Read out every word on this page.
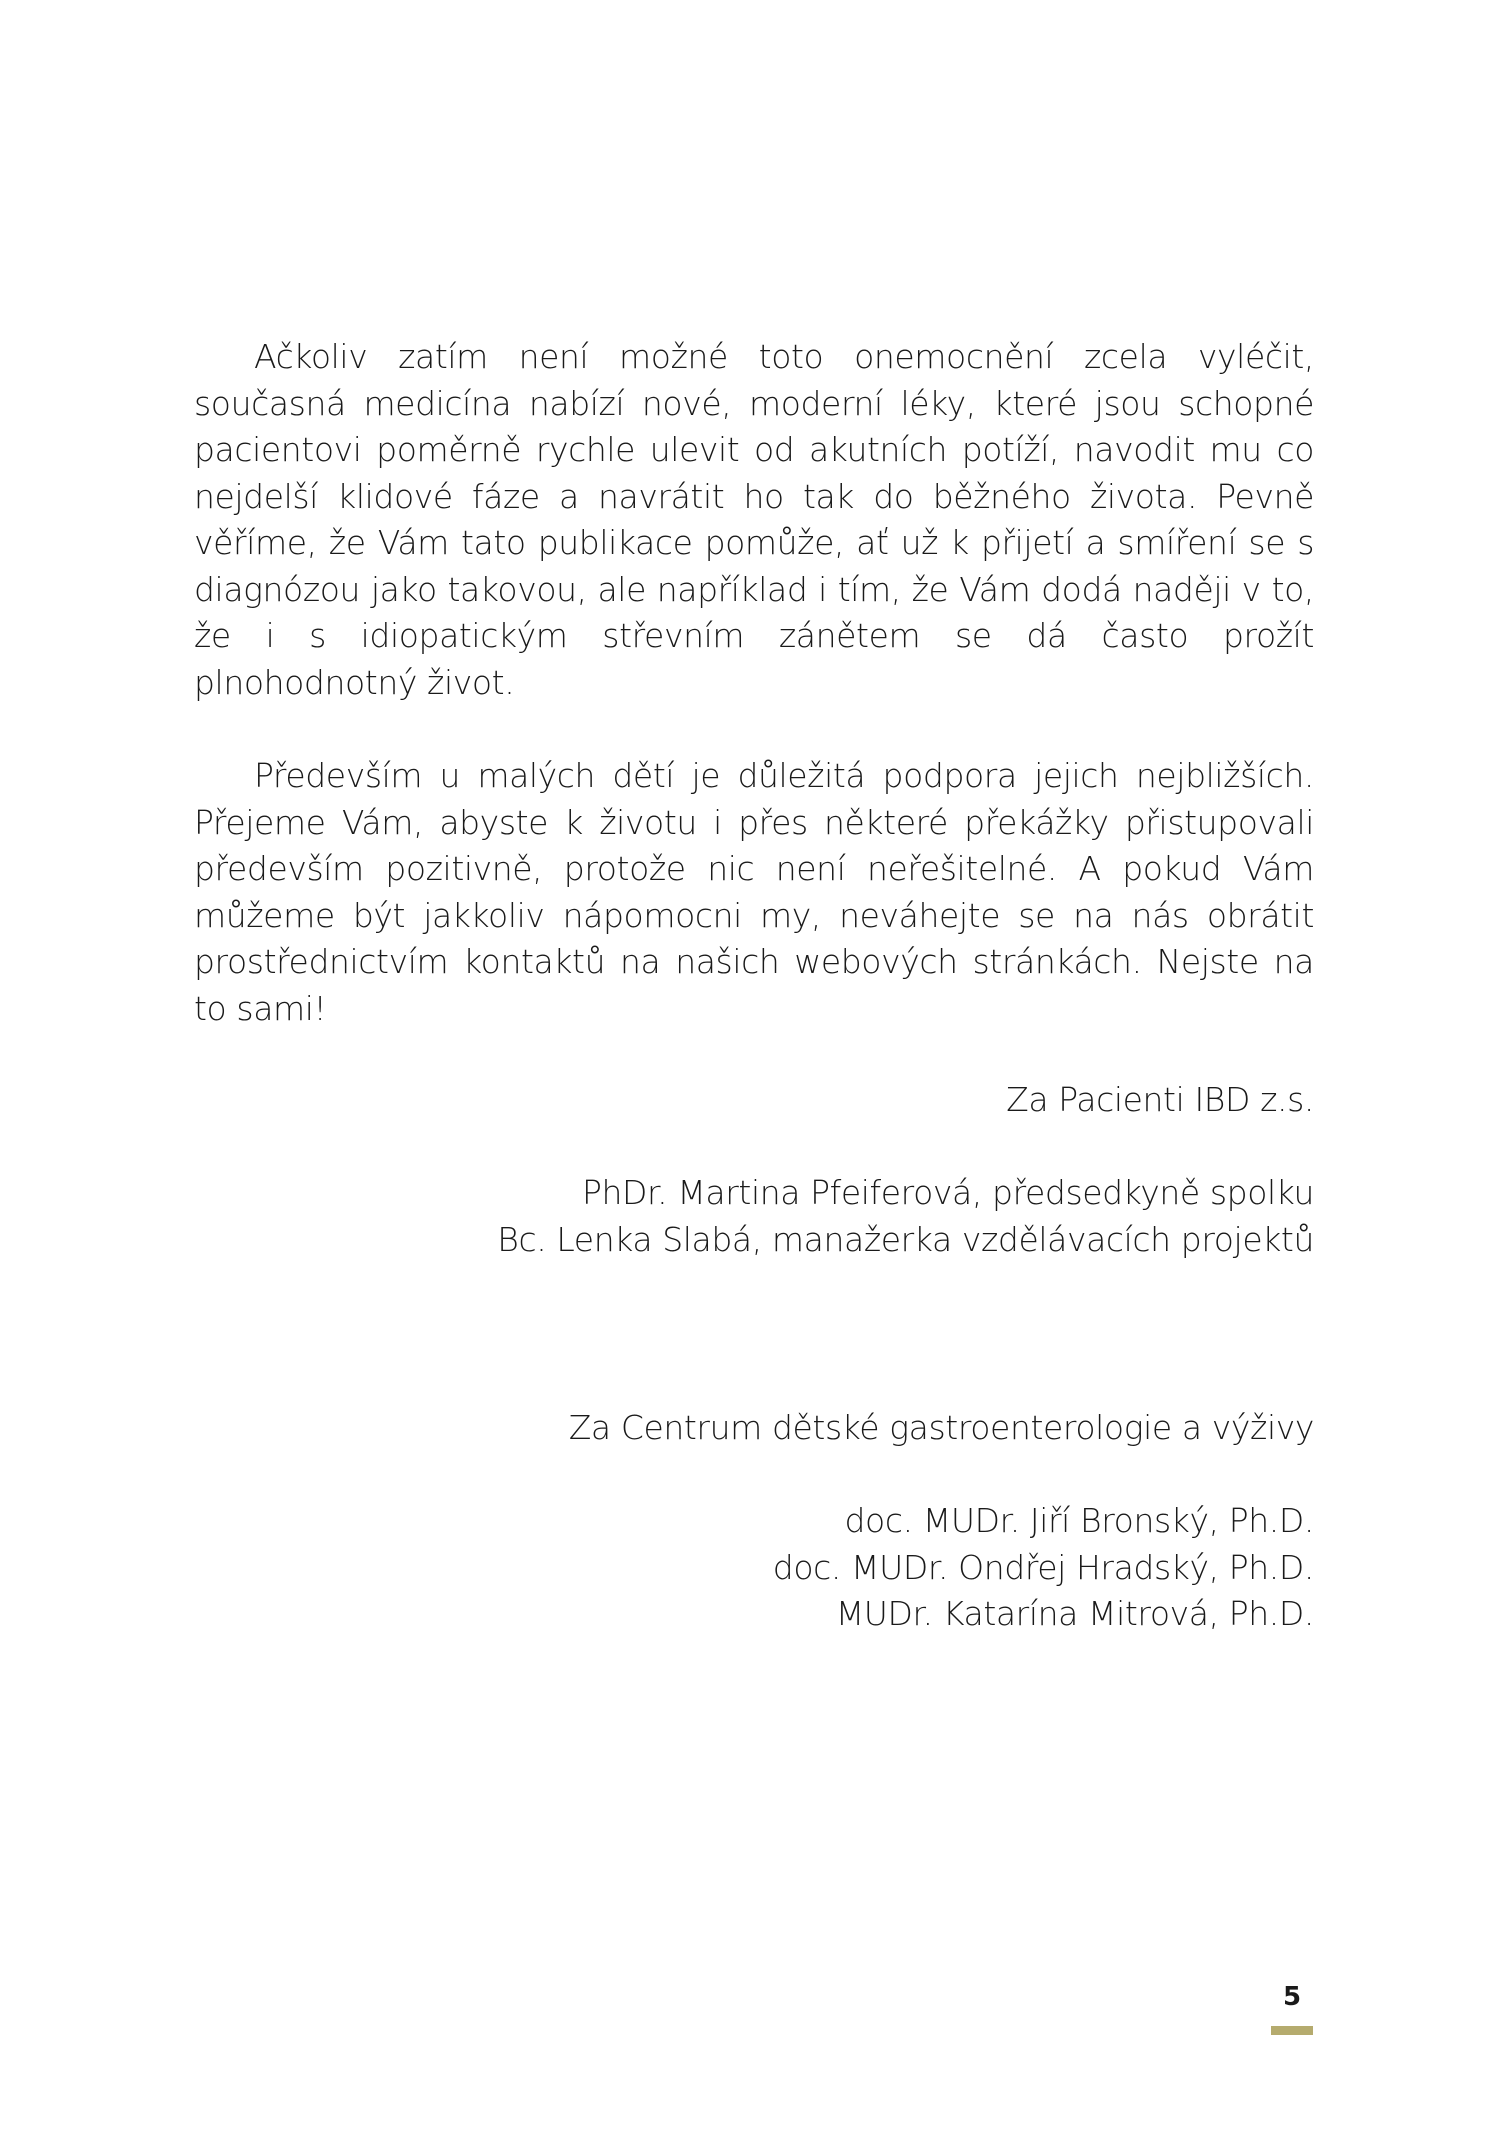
Ačkoliv zatím není možné toto onemocnění zcela vyléčit, současná medicína nabízí nové, moderní léky, které jsou schopné pacientovi poměrně rychle ulevit od akutních potíží, navodit mu co nejdelší klidové fáze a navrátit ho tak do běžného života. Pevně věříme, že Vám tato publikace pomůže, ať už k přijetí a smíření se s diagnózou jako takovou, ale například i tím, že Vám dodá naději v to, že i s idiopatickým střevním zánětem se dá často prožít plnohodnotný život.

Především u malých dětí je důležitá podpora jejich nejbližších. Přejeme Vám, abyste k životu i přes některé překážky přistupovali především pozitivně, protože nic není neřešitelné. A pokud Vám můžeme být jakkoliv nápomocni my, neváhejte se na nás obrátit prostřednictvím kontaktů na našich webových stránkách. Nejste na to sami!

Za Pacienti IBD z.s.
PhDr. Martina Pfeiferová, předsedkyně spolku
Bc. Lenka Slabá, manažerka vzdělávacích projektů
Za Centrum dětské gastroenterologie a výživy
doc. MUDr. Jiří Bronský, Ph.D.
doc. MUDr. Ondřej Hradský, Ph.D.
MUDr. Katarína Mitrová, Ph.D.
5
